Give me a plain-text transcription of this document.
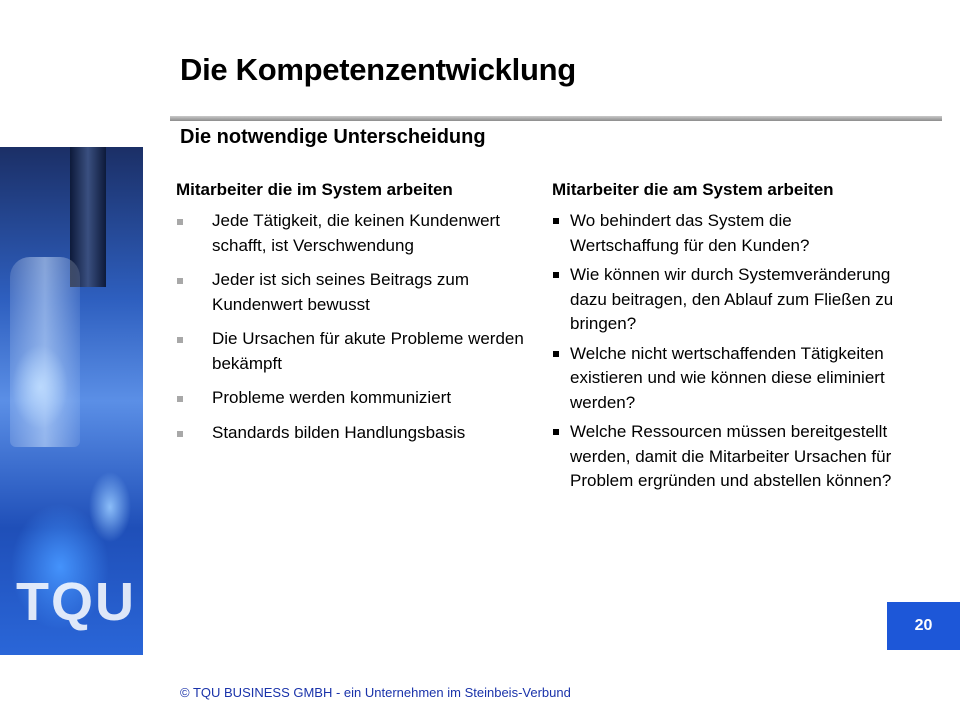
Die Kompetenzentwicklung
Die notwendige Unterscheidung
TQU
Mitarbeiter die im System arbeiten
Jede Tätigkeit, die keinen Kundenwert schafft, ist Verschwendung
Jeder ist sich seines Beitrags zum Kundenwert bewusst
Die Ursachen für akute Probleme werden bekämpft
Probleme werden kommuniziert
Standards bilden Handlungsbasis
Mitarbeiter die am System arbeiten
Wo behindert das System die Wertschaffung für den Kunden?
Wie können wir durch Systemveränderung dazu beitragen, den Ablauf zum Fließen zu bringen?
Welche nicht wertschaffenden Tätigkeiten existieren und wie können diese eliminiert werden?
Welche Ressourcen müssen bereitgestellt werden, damit die Mitarbeiter Ursachen für Problem ergründen und abstellen können?
20
© TQU BUSINESS GMBH - ein Unternehmen im Steinbeis-Verbund
